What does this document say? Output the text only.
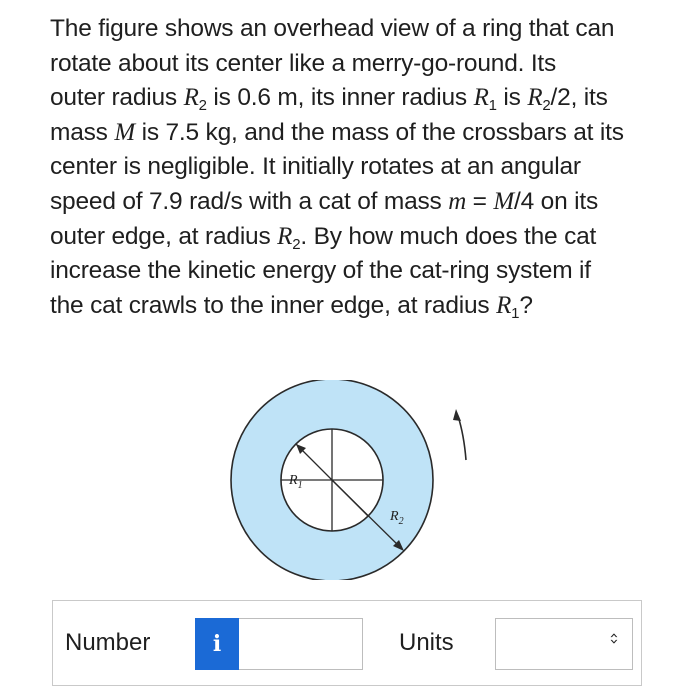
The figure shows an overhead view of a ring that can
rotate about its center like a merry-go-round. Its
outer radius $R_2$ is 0.6 m, its inner radius $R_1$ is $R_2/2$, its
mass M is 7.5 kg, and the mass of the crossbars at its
center is negligible. It initially rotates at an angular
speed of 7.9 rad/s with a cat of mass m = M/4 on its
outer edge, at radius $R_2$. By how much does the cat
increase the kinetic energy of the cat-ring system if
the cat crawls to the inner edge, at radius $R_1$?
$R_1$
$R_2$
Number	i	Units	‹›
